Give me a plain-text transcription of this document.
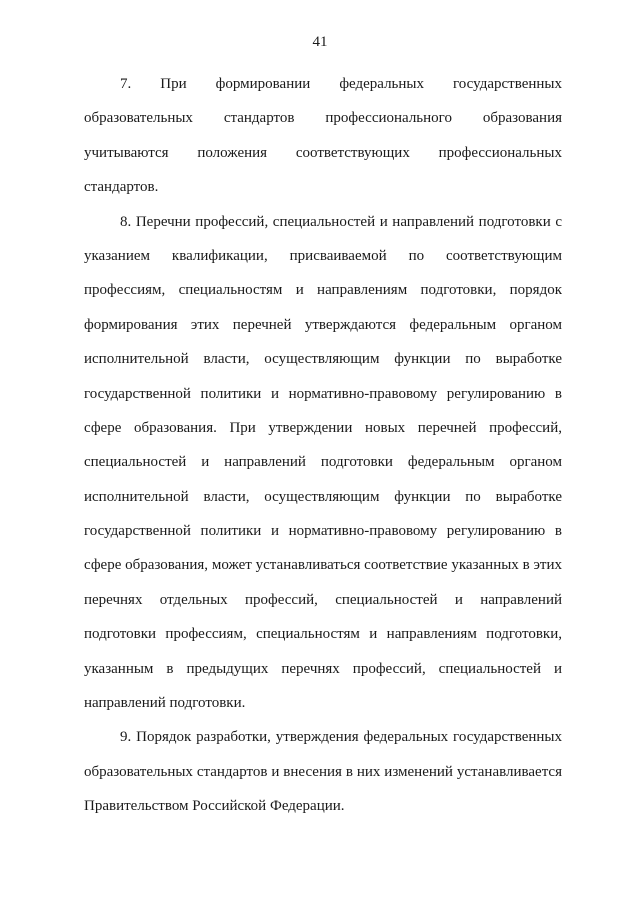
41
7. При формировании федеральных государственных
образовательных стандартов профессионального образования
учитываются положения соответствующих профессиональных
стандартов.
8. Перечни профессий, специальностей и направлений подготовки с
указанием квалификации, присваиваемой по соответствующим
профессиям, специальностям и направлениям подготовки, порядок
формирования этих перечней утверждаются федеральным органом
исполнительной власти, осуществляющим функции по выработке
государственной политики и нормативно-правовому регулированию в
сфере образования. При утверждении новых перечней профессий,
специальностей и направлений подготовки федеральным органом
исполнительной власти, осуществляющим функции по выработке
государственной политики и нормативно-правовому регулированию в
сфере образования, может устанавливаться соответствие указанных в этих
перечнях отдельных профессий, специальностей и направлений
подготовки профессиям, специальностям и направлениям подготовки,
указанным в предыдущих перечнях профессий, специальностей и
направлений подготовки.
9. Порядок разработки, утверждения федеральных государственных
образовательных стандартов и внесения в них изменений устанавливается
Правительством Российской Федерации.
